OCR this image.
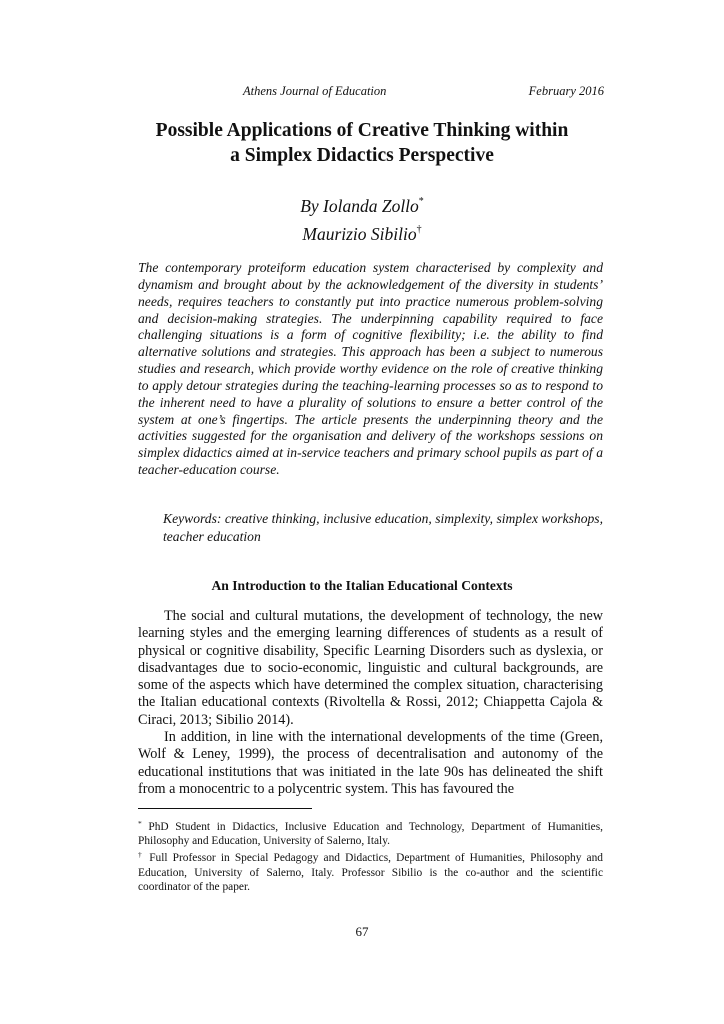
Athens Journal of Education	February 2016
Possible Applications of Creative Thinking within
a Simplex Didactics Perspective
By Iolanda Zollo*
Maurizio Sibilio†

The contemporary proteiform education system characterised by complexity and dynamism and brought about by the acknowledgement of the diversity in students’ needs, requires teachers to constantly put into practice numerous problem-solving and decision-making strategies. The underpinning capability required to face challenging situations is a form of cognitive flexibility; i.e. the ability to find alternative solutions and strategies. This approach has been a subject to numerous studies and research, which provide worthy evidence on the role of creative thinking to apply detour strategies during the teaching-learning processes so as to respond to the inherent need to have a plurality of solutions to ensure a better control of the system at one’s fingertips. The article presents the underpinning theory and the activities suggested for the organisation and delivery of the workshops sessions on simplex didactics aimed at in-service teachers and primary school pupils as part of a teacher-education course.

Keywords: creative thinking, inclusive education, simplexity, simplex workshops, teacher education

An Introduction to the Italian Educational Contexts

The social and cultural mutations, the development of technology, the new learning styles and the emerging learning differences of students as a result of physical or cognitive disability, Specific Learning Disorders such as dyslexia, or disadvantages due to socio-economic, linguistic and cultural backgrounds, are some of the aspects which have determined the complex situation, characterising the Italian educational contexts (Rivoltella & Rossi, 2012; Chiappetta Cajola & Ciraci, 2013; Sibilio 2014).

In addition, in line with the international developments of the time (Green, Wolf & Leney, 1999), the process of decentralisation and autonomy of the educational institutions that was initiated in the late 90s has delineated the shift from a monocentric to a polycentric system. This has favoured the

* PhD Student in Didactics, Inclusive Education and Technology, Department of Humanities, Philosophy and Education, University of Salerno, Italy.

† Full Professor in Special Pedagogy and Didactics, Department of Humanities, Philosophy and Education, University of Salerno, Italy. Professor Sibilio is the co-author and the scientific coordinator of the paper.

67
